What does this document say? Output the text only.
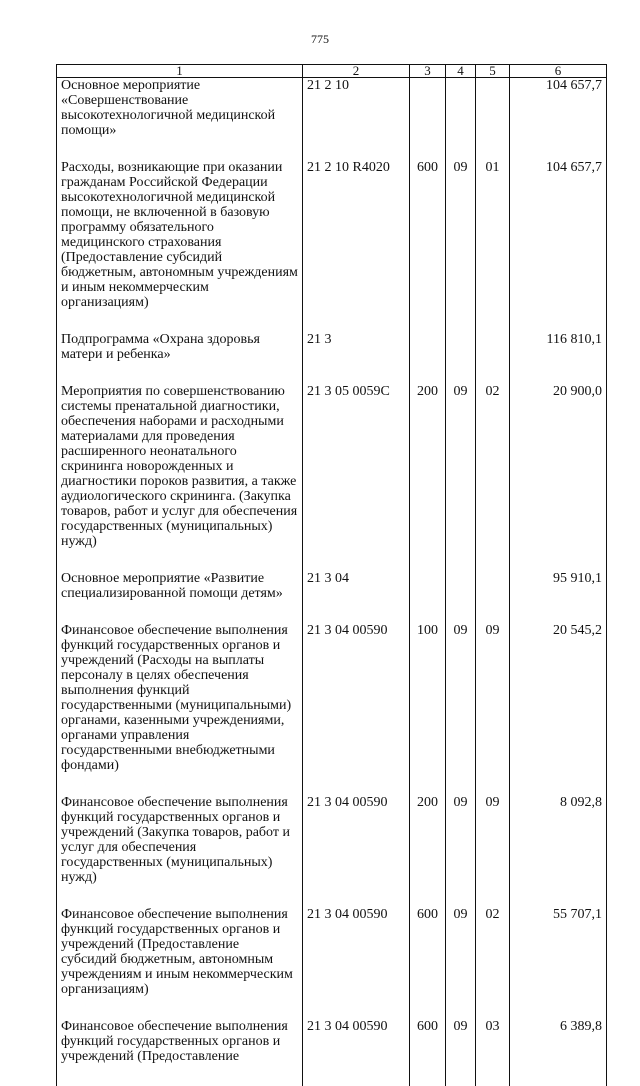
775
1	2	3	4	5	6
Основное мероприятие «Совершенствование высокотехнологичной медицинской помощи»	21 2 10				104 657,7
Расходы, возникающие при оказании гражданам Российской Федерации высокотехнологичной медицинской помощи, не включенной в базовую программу обязательного медицинского страхования (Предоставление субсидий бюджетным, автономным учреждениям и иным некоммерческим организациям)	21 2 10 R4020	600	09	01	104 657,7
Подпрограмма «Охрана здоровья матери и ребенка»	21 3				116 810,1
Мероприятия по совершенствованию системы пренатальной диагностики, обеспечения наборами и расходными материалами для проведения расширенного неонатального скрининга новорожденных и диагностики пороков развития, а также аудиологического скрининга. (Закупка товаров, работ и услуг для обеспечения государственных (муниципальных) нужд)	21 3 05 0059С	200	09	02	20 900,0
Основное мероприятие «Развитие специализированной помощи детям»	21 3 04				95 910,1
Финансовое обеспечение выполнения функций государственных органов и учреждений (Расходы на выплаты персоналу в целях обеспечения выполнения функций государственными (муниципальными) органами, казенными учреждениями, органами управления государственными внебюджетными фондами)	21 3 04 00590	100	09	09	20 545,2
Финансовое обеспечение выполнения функций государственных органов и учреждений (Закупка товаров, работ и услуг для обеспечения государственных (муниципальных) нужд)	21 3 04 00590	200	09	09	8 092,8
Финансовое обеспечение выполнения функций государственных органов и учреждений (Предоставление субсидий бюджетным, автономным учреждениям и иным некоммерческим организациям)	21 3 04 00590	600	09	02	55 707,1
Финансовое обеспечение выполнения функций государственных органов и учреждений (Предоставление	21 3 04 00590	600	09	03	6 389,8
